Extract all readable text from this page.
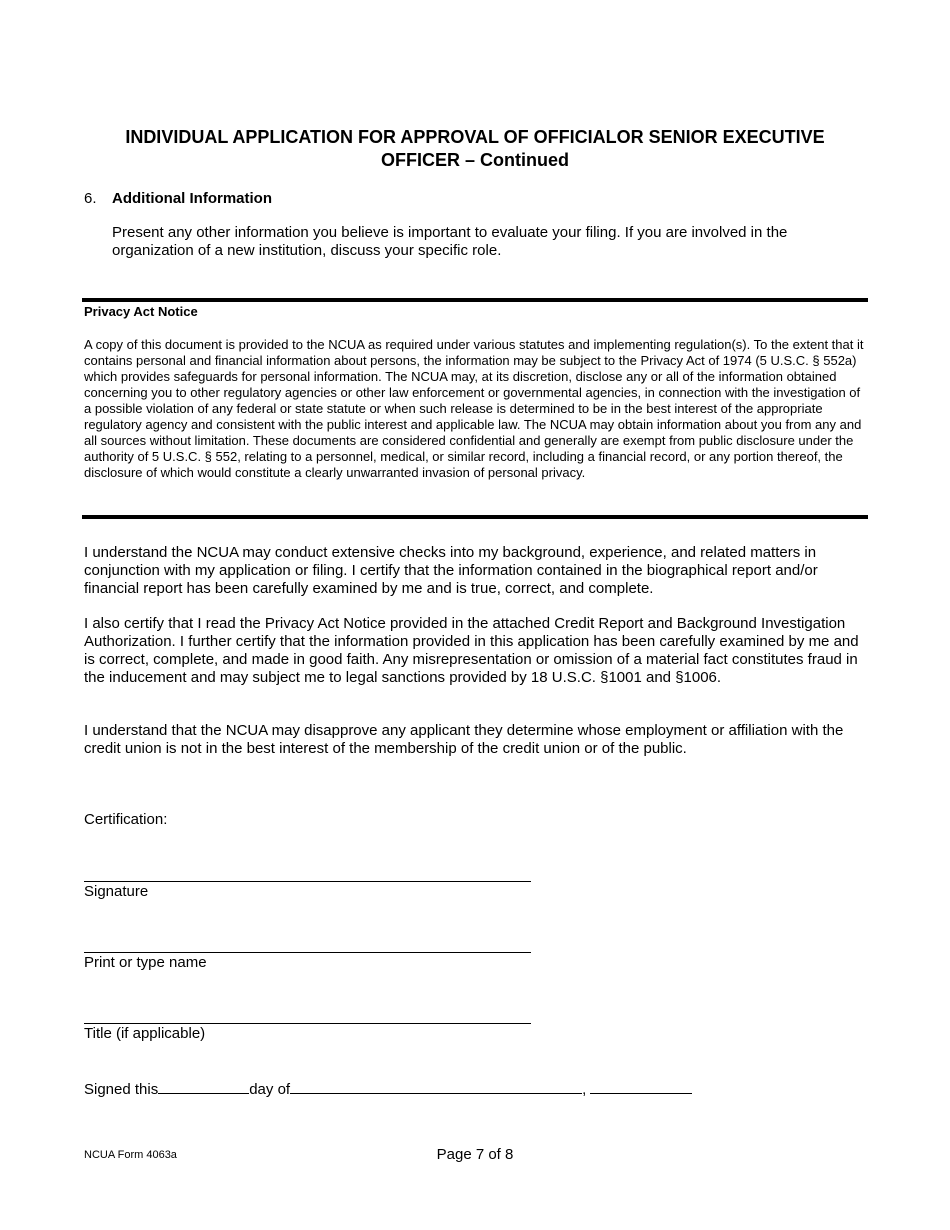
INDIVIDUAL APPLICATION FOR APPROVAL OF OFFICIALOR SENIOR EXECUTIVE
OFFICER – Continued
6. Additional Information
Present any other information you believe is important to evaluate your filing. If you are involved in the organization of a new institution, discuss your specific role.
Privacy Act Notice
A copy of this document is provided to the NCUA as required under various statutes and implementing regulation(s). To the extent that it contains personal and financial information about persons, the information may be subject to the Privacy Act of 1974 (5 U.S.C. § 552a) which provides safeguards for personal information. The NCUA may, at its discretion, disclose any or all of the information obtained concerning you to other regulatory agencies or other law enforcement or governmental agencies, in connection with the investigation of a possible violation of any federal or state statute or when such release is determined to be in the best interest of the appropriate regulatory agency and consistent with the public interest and applicable law. The NCUA may obtain information about you from any and all sources without limitation. These documents are considered confidential and generally are exempt from public disclosure under the authority of 5 U.S.C. § 552, relating to a personnel, medical, or similar record, including a financial record, or any portion thereof, the disclosure of which would constitute a clearly unwarranted invasion of personal privacy.
I understand the NCUA may conduct extensive checks into my background, experience, and related matters in conjunction with my application or filing. I certify that the information contained in the biographical report and/or financial report has been carefully examined by me and is true, correct, and complete.
I also certify that I read the Privacy Act Notice provided in the attached Credit Report and Background Investigation Authorization. I further certify that the information provided in this application has been carefully examined by me and is correct, complete, and made in good faith. Any misrepresentation or omission of a material fact constitutes fraud in the inducement and may subject me to legal sanctions provided by 18 U.S.C. §1001 and §1006.
I understand that the NCUA may disapprove any applicant they determine whose employment or affiliation with the credit union is not in the best interest of the membership of the credit union or of the public.
Certification:
Signature
Print or type name
Title (if applicable)
Signed this	day of	,
NCUA Form 4063a	Page 7 of 8
